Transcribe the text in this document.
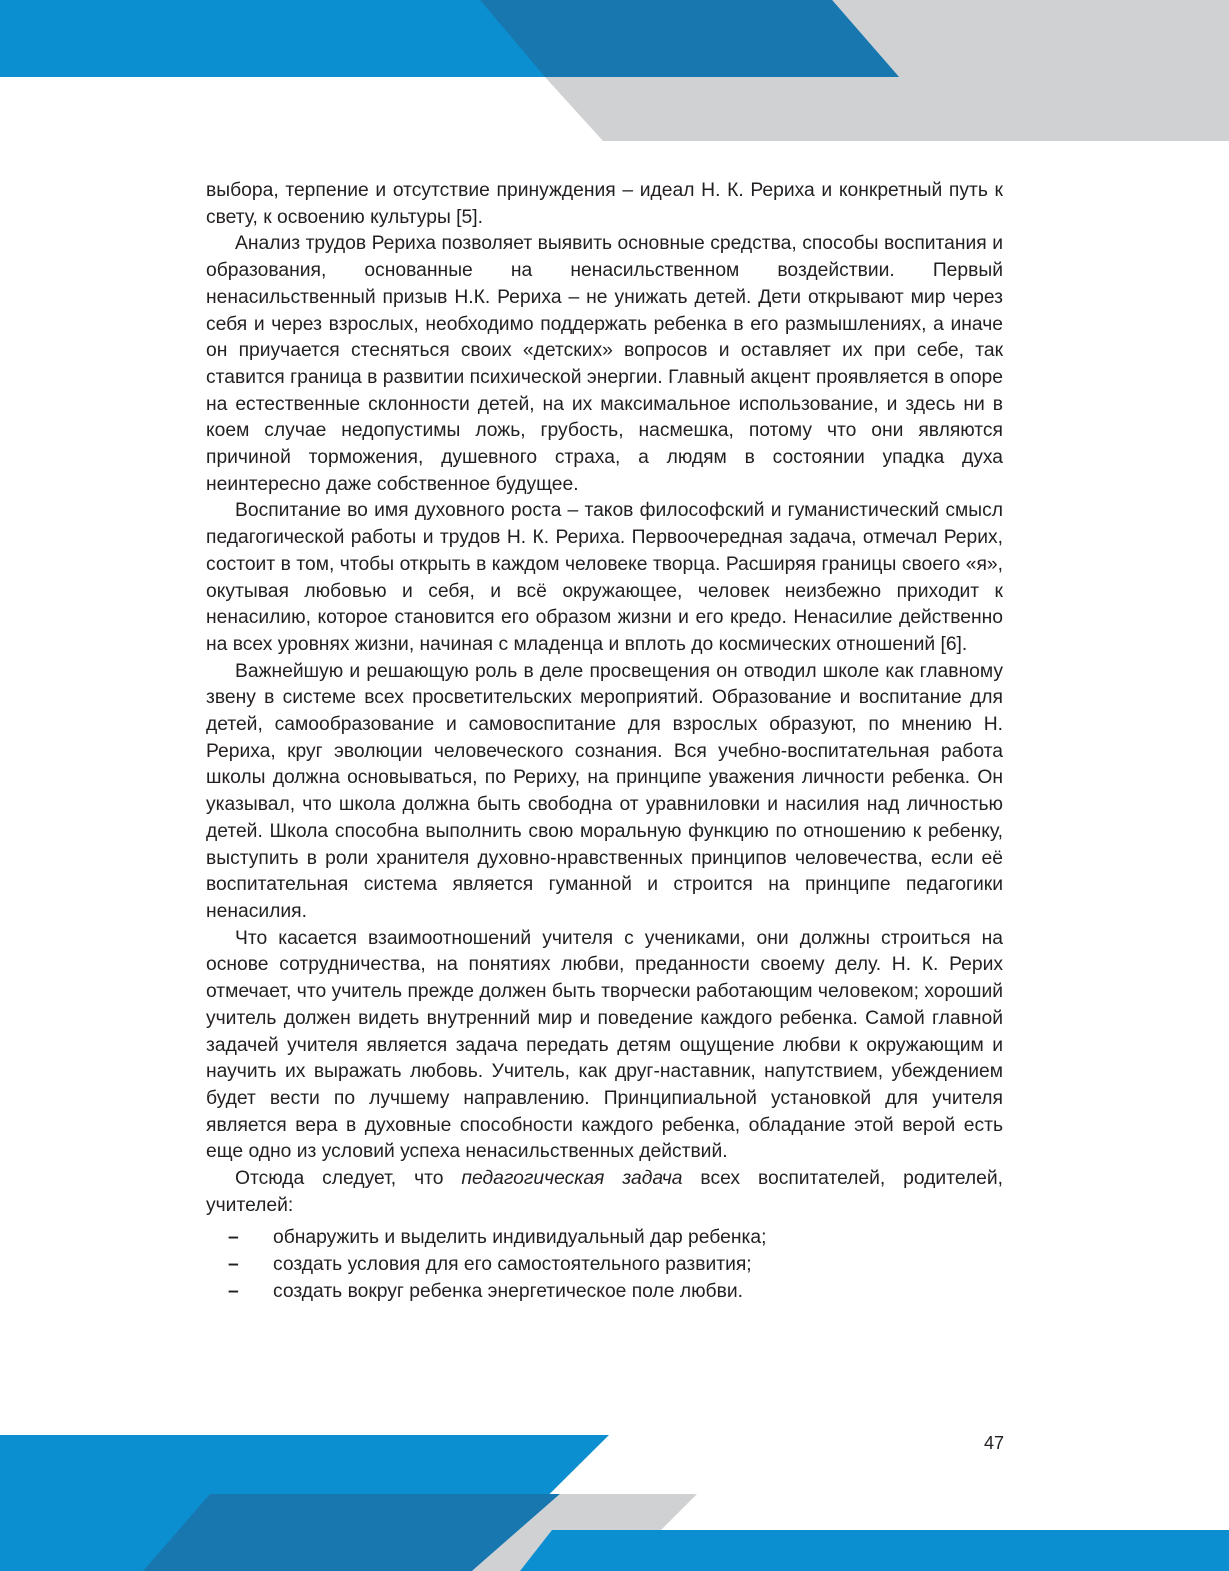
выбора, терпение и отсутствие принуждения – идеал Н. К. Рериха и конкретный путь к свету, к освоению культуры [5].

Анализ трудов Рериха позволяет выявить основные средства, способы воспитания и образования, основанные на ненасильственном воздействии. Первый ненасильственный призыв Н.К. Рериха – не унижать детей. Дети открывают мир через себя и через взрослых, необходимо поддержать ребенка в его размышлениях, а иначе он приучается стесняться своих «детских» вопросов и оставляет их при себе, так ставится граница в развитии психической энергии. Главный акцент проявляется в опоре на естественные склонности детей, на их максимальное использование, и здесь ни в коем случае недопустимы ложь, грубость, насмешка, потому что они являются причиной торможения, душевного страха, а людям в состоянии упадка духа неинтересно даже собственное будущее.

Воспитание во имя духовного роста – таков философский и гуманистический смысл педагогической работы и трудов Н. К. Рериха. Первоочередная задача, отмечал Рерих, состоит в том, чтобы открыть в каждом человеке творца. Расширяя границы своего «я», окутывая любовью и себя, и всё окружающее, человек неизбежно приходит к ненасилию, которое становится его образом жизни и его кредо. Ненасилие действенно на всех уровнях жизни, начиная с младенца и вплоть до космических отношений [6].

Важнейшую и решающую роль в деле просвещения он отводил школе как главному звену в системе всех просветительских мероприятий. Образование и воспитание для детей, самообразование и самовоспитание для взрослых образуют, по мнению Н. Рериха, круг эволюции человеческого сознания. Вся учебно-воспитательная работа школы должна основываться, по Рериху, на принципе уважения личности ребенка. Он указывал, что школа должна быть свободна от уравниловки и насилия над личностью детей. Школа способна выполнить свою моральную функцию по отношению к ребенку, выступить в роли хранителя духовно-нравственных принципов человечества, если её воспитательная система является гуманной и строится на принципе педагогики ненасилия.

Что касается взаимоотношений учителя с учениками, они должны строиться на основе сотрудничества, на понятиях любви, преданности своему делу. Н. К. Рерих отмечает, что учитель прежде должен быть творчески работающим человеком; хороший учитель должен видеть внутренний мир и поведение каждого ребенка. Самой главной задачей учителя является задача передать детям ощущение любви к окружающим и научить их выражать любовь. Учитель, как друг-наставник, напутствием, убеждением будет вести по лучшему направлению. Принципиальной установкой для учителя является вера в духовные способности каждого ребенка, обладание этой верой есть еще одно из условий успеха ненасильственных действий.

Отсюда следует, что педагогическая задача всех воспитателей, родителей, учителей:

– обнаружить и выделить индивидуальный дар ребенка;
– создать условия для его самостоятельного развития;
– создать вокруг ребенка энергетическое поле любви.
47
